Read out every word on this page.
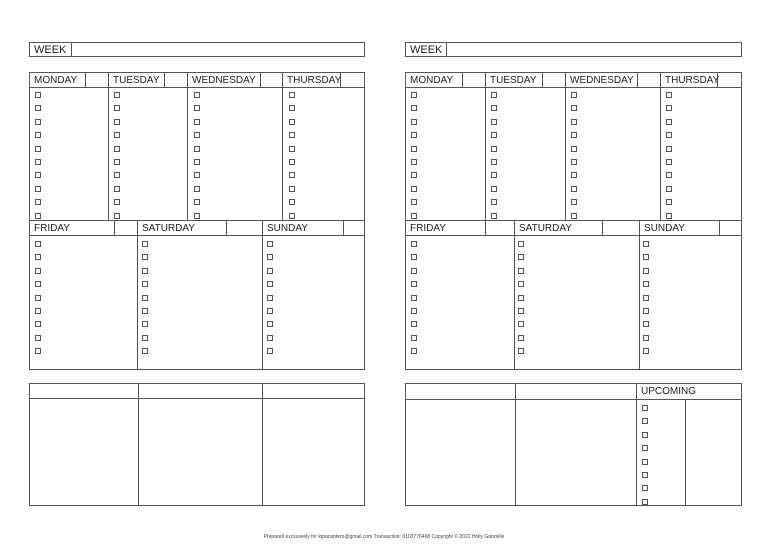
WEEK
MONDAY	TUESDAY	WEDNESDAY	THURSDAY
FRIDAY	SATURDAY	SUNDAY
WEEK
MONDAY	TUESDAY	WEDNESDAY	THURSDAY
FRIDAY	SATURDAY	SUNDAY
UPCOMING
Prepared exclusively for ktpacantern@gmail.com Transaction: 0103776468 Copyright © 2022 Holly Gabrielle
